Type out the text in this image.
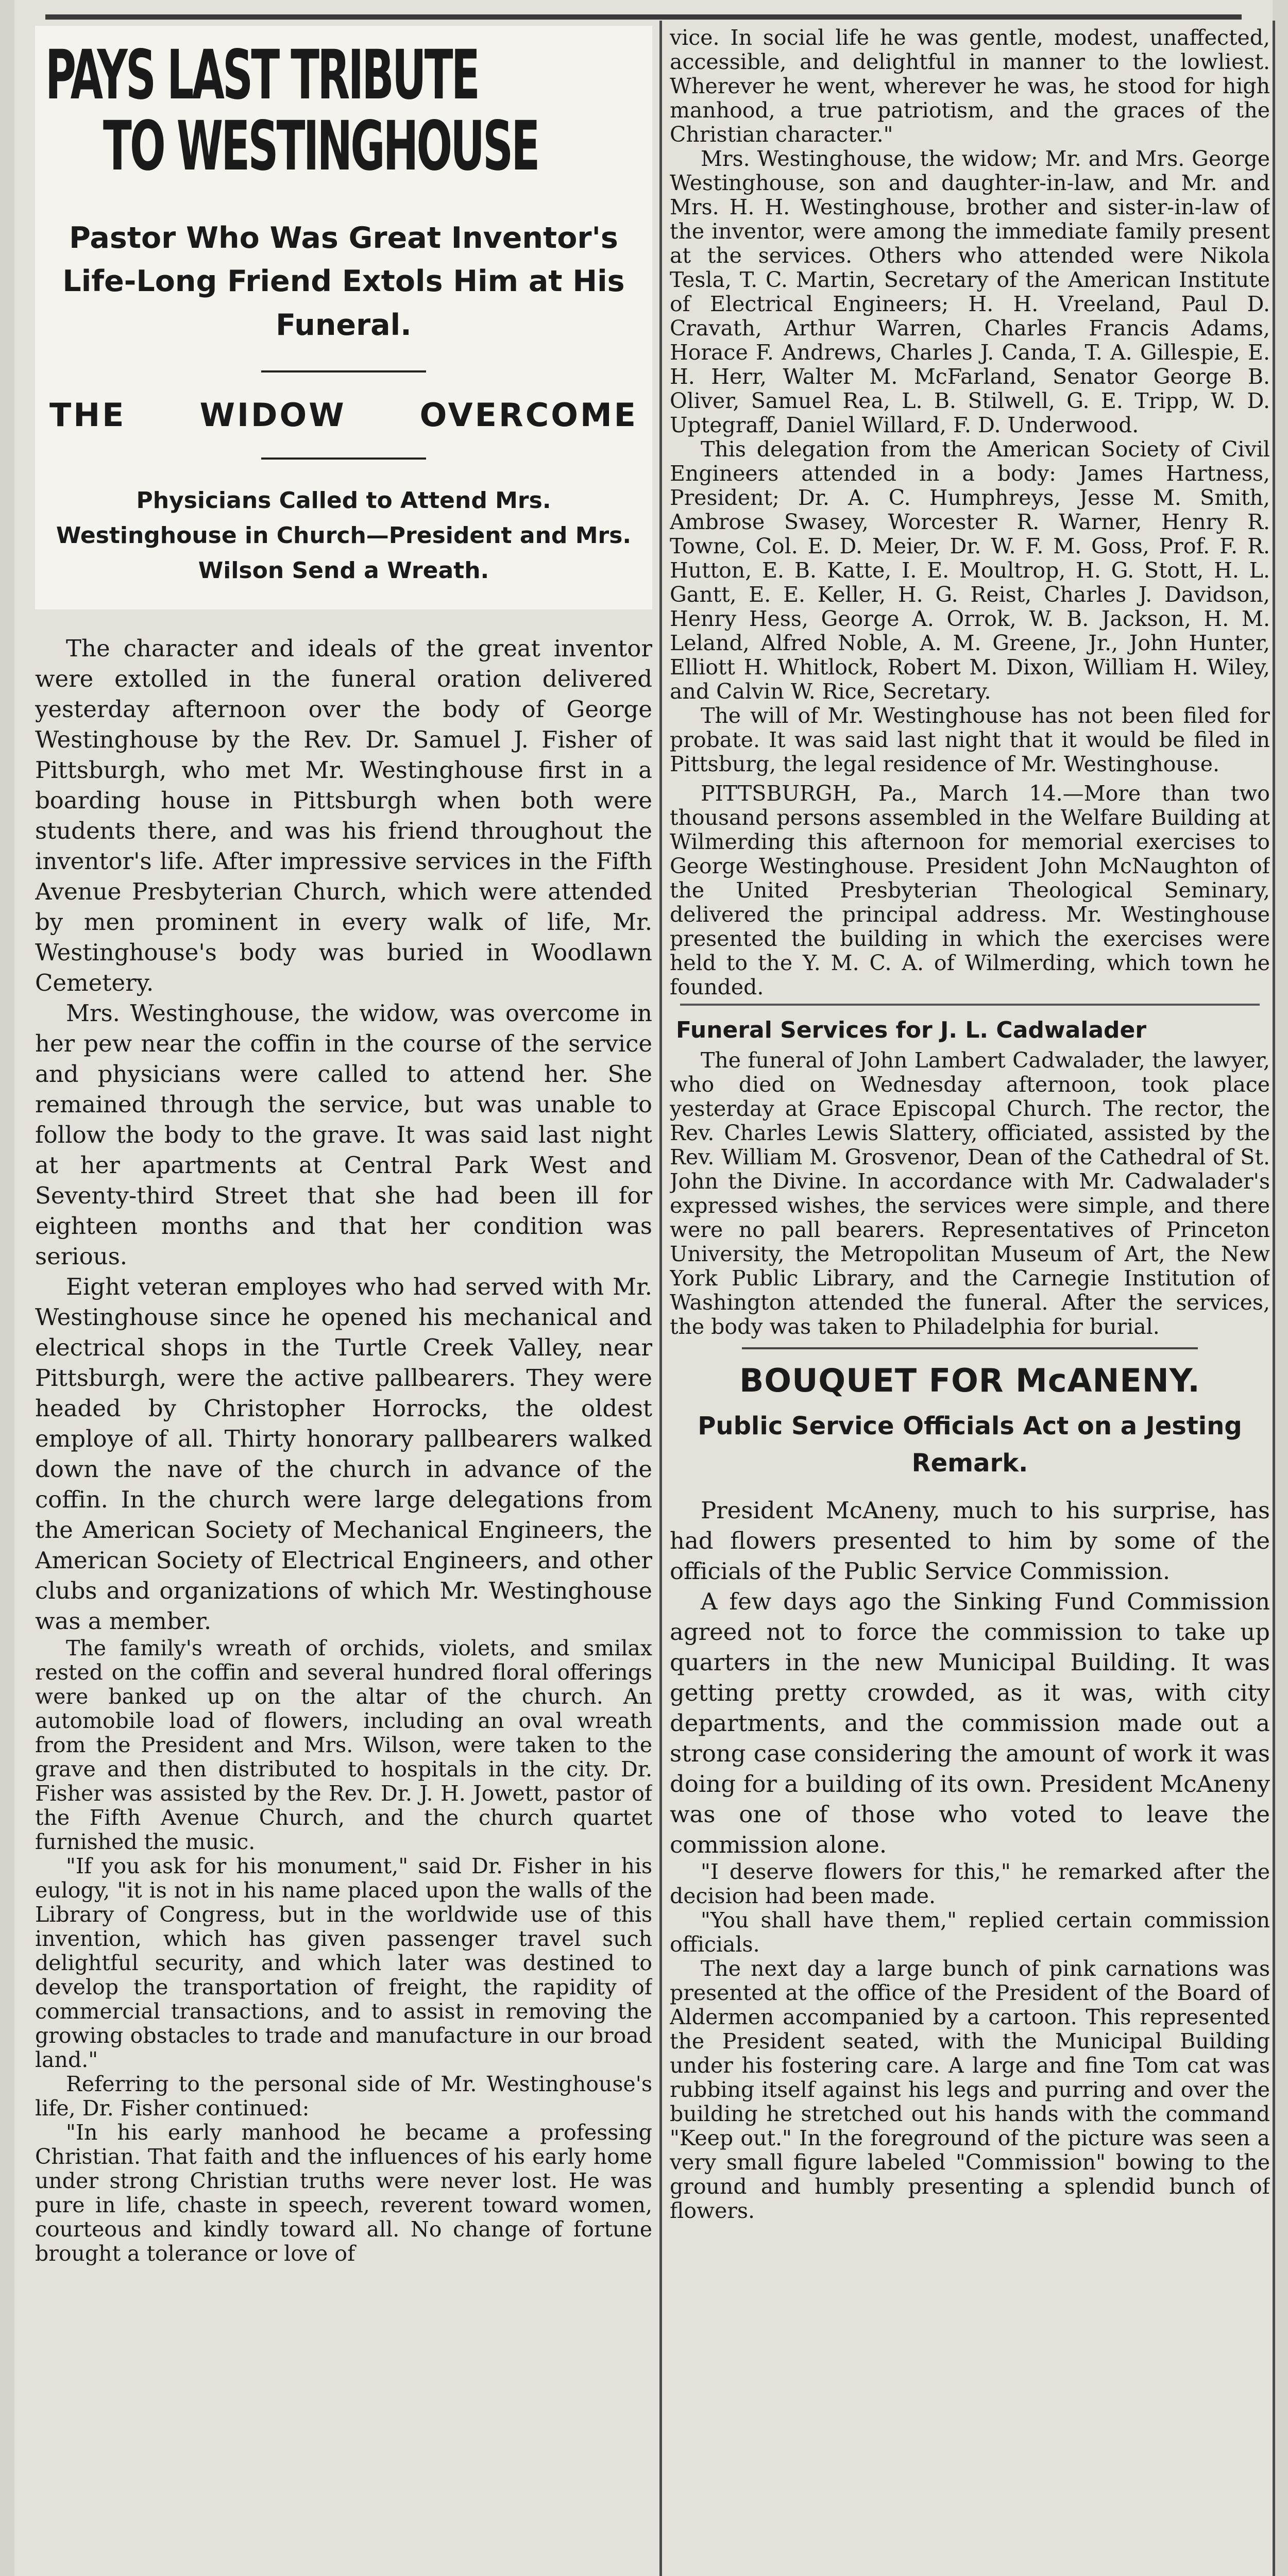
PAYS LAST TRIBUTE
TO WESTINGHOUSE
Pastor Who Was Great Inventor's Life-Long Friend Extols Him at His Funeral.
THE WIDOW OVERCOME
Physicians Called to Attend Mrs. Westinghouse in Church—President and Mrs. Wilson Send a Wreath.

The character and ideals of the great inventor were extolled in the funeral oration delivered yesterday afternoon over the body of George Westinghouse by the Rev. Dr. Samuel J. Fisher of Pittsburgh, who met Mr. Westinghouse first in a boarding house in Pittsburgh when both were students there, and was his friend throughout the inventor's life. After impressive services in the Fifth Avenue Presbyterian Church, which were attended by men prominent in every walk of life, Mr. Westinghouse's body was buried in Woodlawn Cemetery.

Mrs. Westinghouse, the widow, was overcome in her pew near the coffin in the course of the service and physicians were called to attend her. She remained through the service, but was unable to follow the body to the grave. It was said last night at her apartments at Central Park West and Seventy-third Street that she had been ill for eighteen months and that her condition was serious.

Eight veteran employes who had served with Mr. Westinghouse since he opened his mechanical and electrical shops in the Turtle Creek Valley, near Pittsburgh, were the active pallbearers. They were headed by Christopher Horrocks, the oldest employe of all. Thirty honorary pallbearers walked down the nave of the church in advance of the coffin. In the church were large delegations from the American Society of Mechanical Engineers, the American Society of Electrical Engineers, and other clubs and organizations of which Mr. Westinghouse was a member.

The family's wreath of orchids, violets, and smilax rested on the coffin and several hundred floral offerings were banked up on the altar of the church. An automobile load of flowers, including an oval wreath from the President and Mrs. Wilson, were taken to the grave and then distributed to hospitals in the city. Dr. Fisher was assisted by the Rev. Dr. J. H. Jowett, pastor of the Fifth Avenue Church, and the church quartet furnished the music.

"If you ask for his monument," said Dr. Fisher in his eulogy, "it is not in his name placed upon the walls of the Library of Congress, but in the worldwide use of this invention, which has given passenger travel such delightful security, and which later was destined to develop the transportation of freight, the rapidity of commercial transactions, and to assist in removing the growing obstacles to trade and manufacture in our broad land."

Referring to the personal side of Mr. Westinghouse's life, Dr. Fisher continued:

"In his early manhood he became a professing Christian. That faith and the influences of his early home under strong Christian truths were never lost. He was pure in life, chaste in speech, reverent toward women, courteous and kindly toward all. No change of fortune brought a tolerance or love of

vice. In social life he was gentle, modest, unaffected, accessible, and delightful in manner to the lowliest. Wherever he went, wherever he was, he stood for high manhood, a true patriotism, and the graces of the Christian character."

Mrs. Westinghouse, the widow; Mr. and Mrs. George Westinghouse, son and daughter-in-law, and Mr. and Mrs. H. H. Westinghouse, brother and sister-in-law of the inventor, were among the immediate family present at the services. Others who attended were Nikola Tesla, T. C. Martin, Secretary of the American Institute of Electrical Engineers; H. H. Vreeland, Paul D. Cravath, Arthur Warren, Charles Francis Adams, Horace F. Andrews, Charles J. Canda, T. A. Gillespie, E. H. Herr, Walter M. McFarland, Senator George B. Oliver, Samuel Rea, L. B. Stilwell, G. E. Tripp, W. D. Uptegraff, Daniel Willard, F. D. Underwood.

This delegation from the American Society of Civil Engineers attended in a body: James Hartness, President; Dr. A. C. Humphreys, Jesse M. Smith, Ambrose Swasey, Worcester R. Warner, Henry R. Towne, Col. E. D. Meier, Dr. W. F. M. Goss, Prof. F. R. Hutton, E. B. Katte, I. E. Moultrop, H. G. Stott, H. L. Gantt, E. E. Keller, H. G. Reist, Charles J. Davidson, Henry Hess, George A. Orrok, W. B. Jackson, H. M. Leland, Alfred Noble, A. M. Greene, Jr., John Hunter, Elliott H. Whitlock, Robert M. Dixon, William H. Wiley, and Calvin W. Rice, Secretary.

The will of Mr. Westinghouse has not been filed for probate. It was said last night that it would be filed in Pittsburg, the legal residence of Mr. Westinghouse.

PITTSBURGH, Pa., March 14.—More than two thousand persons assembled in the Welfare Building at Wilmerding this afternoon for memorial exercises to George Westinghouse. President John McNaughton of the United Presbyterian Theological Seminary, delivered the principal address. Mr. Westinghouse presented the building in which the exercises were held to the Y. M. C. A. of Wilmerding, which town he founded.

Funeral Services for J. L. Cadwalader

The funeral of John Lambert Cadwalader, the lawyer, who died on Wednesday afternoon, took place yesterday at Grace Episcopal Church. The rector, the Rev. Charles Lewis Slattery, officiated, assisted by the Rev. William M. Grosvenor, Dean of the Cathedral of St. John the Divine. In accordance with Mr. Cadwalader's expressed wishes, the services were simple, and there were no pall bearers. Representatives of Princeton University, the Metropolitan Museum of Art, the New York Public Library, and the Carnegie Institution of Washington attended the funeral. After the services, the body was taken to Philadelphia for burial.

BOUQUET FOR McANENY.
Public Service Officials Act on a Jesting Remark.

President McAneny, much to his surprise, has had flowers presented to him by some of the officials of the Public Service Commission.

A few days ago the Sinking Fund Commission agreed not to force the commission to take up quarters in the new Municipal Building. It was getting pretty crowded, as it was, with city departments, and the commission made out a strong case considering the amount of work it was doing for a building of its own. President McAneny was one of those who voted to leave the commission alone.

"I deserve flowers for this," he remarked after the decision had been made.

"You shall have them," replied certain commission officials.

The next day a large bunch of pink carnations was presented at the office of the President of the Board of Aldermen accompanied by a cartoon. This represented the President seated, with the Municipal Building under his fostering care. A large and fine Tom cat was rubbing itself against his legs and purring and over the building he stretched out his hands with the command "Keep out." In the foreground of the picture was seen a very small figure labeled "Commission" bowing to the ground and humbly presenting a splendid bunch of flowers.
